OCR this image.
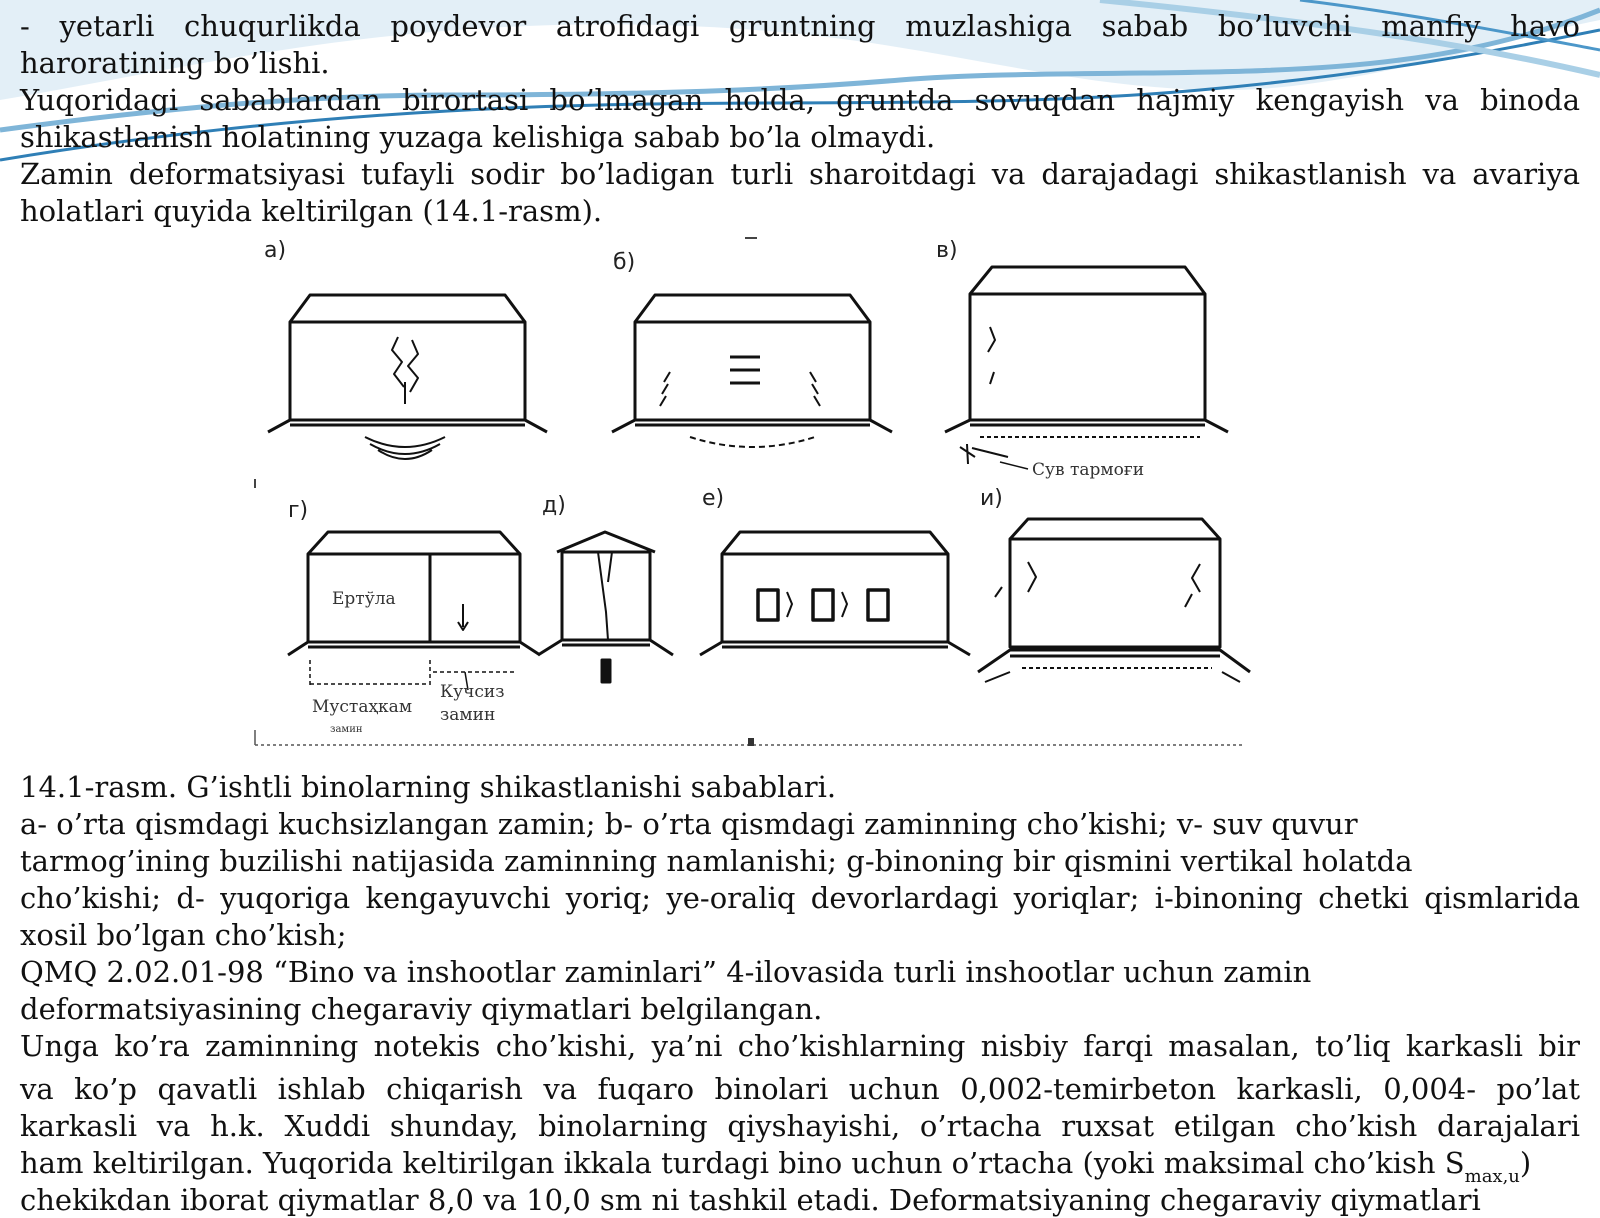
- yetarli chuqurlikda poydevor atrofidagi gruntning muzlashiga sabab bo’luvchi manfiy havo
haroratining bo’lishi.
Yuqoridagi sabablardan birortasi bo’lmagan holda, gruntda sovuqdan hajmiy kengayish va binoda
shikastlanish holatining yuzaga kelishiga sabab bo’la olmaydi.
Zamin deformatsiyasi tufayli sodir bo’ladigan turli sharoitdagi va darajadagi shikastlanish va avariya
holatlari quyida keltirilgan (14.1-rasm).
а)	б)	в)
г)	д)	е)	и)
Сув тармоғи
Ертўла
Мустаҳкам
замин
Кучсиз
замин
14.1-rasm. G’ishtli binolarning shikastlanishi sabablari.
a- o’rta qismdagi kuchsizlangan zamin; b- o’rta qismdagi zaminning cho’kishi; v- suv quvur
tarmog’ining buzilishi natijasida zaminning namlanishi; g-binoning bir qismini vertikal holatda
cho’kishi; d- yuqoriga kengayuvchi yoriq; ye-oraliq devorlardagi yoriqlar; i-binoning chetki qismlarida
xosil bo’lgan cho’kish;
QMQ 2.02.01-98 “Bino va inshootlar zaminlari” 4-ilovasida turli inshootlar uchun zamin
deformatsiyasining chegaraviy qiymatlari belgilangan.
Unga ko’ra zaminning notekis cho’kishi, ya’ni cho’kishlarning nisbiy farqi masalan, to’liq karkasli bir
va ko’p qavatli ishlab chiqarish va fuqaro binolari uchun 0,002-temirbeton karkasli, 0,004- po’lat
karkasli va h.k. Xuddi shunday, binolarning qiyshayishi, o’rtacha ruxsat etilgan cho’kish darajalari
ham keltirilgan. Yuqorida keltirilgan ikkala turdagi bino uchun o’rtacha (yoki maksimal cho’kish $S_{max,u}$)
chekikdan iborat qiymatlar 8,0 va 10,0 sm ni tashkil etadi. Deformatsiyaning chegaraviy qiymatlari
